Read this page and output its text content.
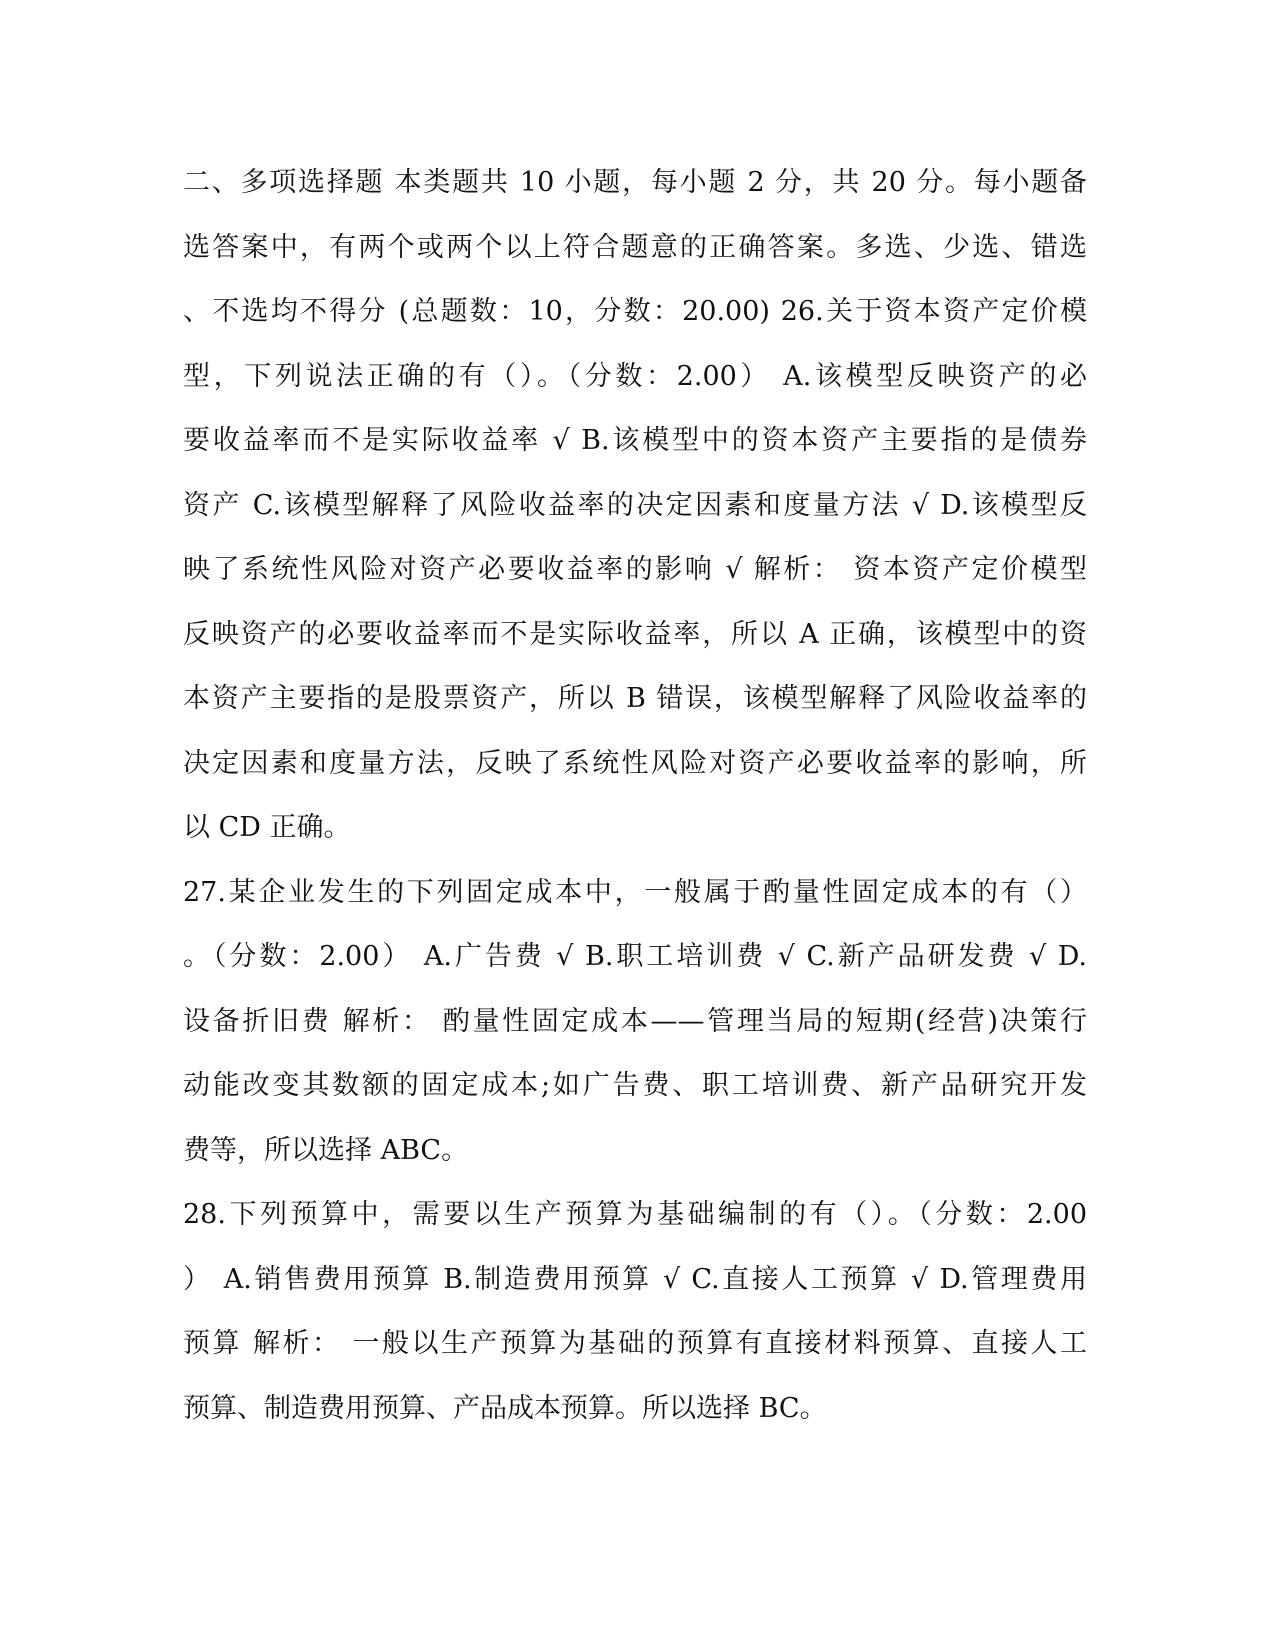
二、多项选择题 本类题共 10 小题，每小题 2 分，共 20 分。每小题备
选答案中，有两个或两个以上符合题意的正确答案。多选、少选、错选
、不选均不得分 (总题数：10，分数：20.00) 26.关于资本资产定价模
型，下列说法正确的有（）。（分数：2.00） A.该模型反映资产的必
要收益率而不是实际收益率 √ B.该模型中的资本资产主要指的是债券
资产 C.该模型解释了风险收益率的决定因素和度量方法 √ D.该模型反
映了系统性风险对资产必要收益率的影响 √ 解析： 资本资产定价模型
反映资产的必要收益率而不是实际收益率，所以 A 正确，该模型中的资
本资产主要指的是股票资产，所以 B 错误，该模型解释了风险收益率的
决定因素和度量方法，反映了系统性风险对资产必要收益率的影响，所
以 CD 正确。
27.某企业发生的下列固定成本中，一般属于酌量性固定成本的有（）
。（分数：2.00） A.广告费 √ B.职工培训费 √ C.新产品研发费 √ D.
设备折旧费 解析： 酌量性固定成本——管理当局的短期(经营)决策行
动能改变其数额的固定成本;如广告费、职工培训费、新产品研究开发
费等，所以选择 ABC。
28.下列预算中，需要以生产预算为基础编制的有（）。（分数：2.00
） A.销售费用预算 B.制造费用预算 √ C.直接人工预算 √ D.管理费用
预算 解析： 一般以生产预算为基础的预算有直接材料预算、直接人工
预算、制造费用预算、产品成本预算。所以选择 BC。
